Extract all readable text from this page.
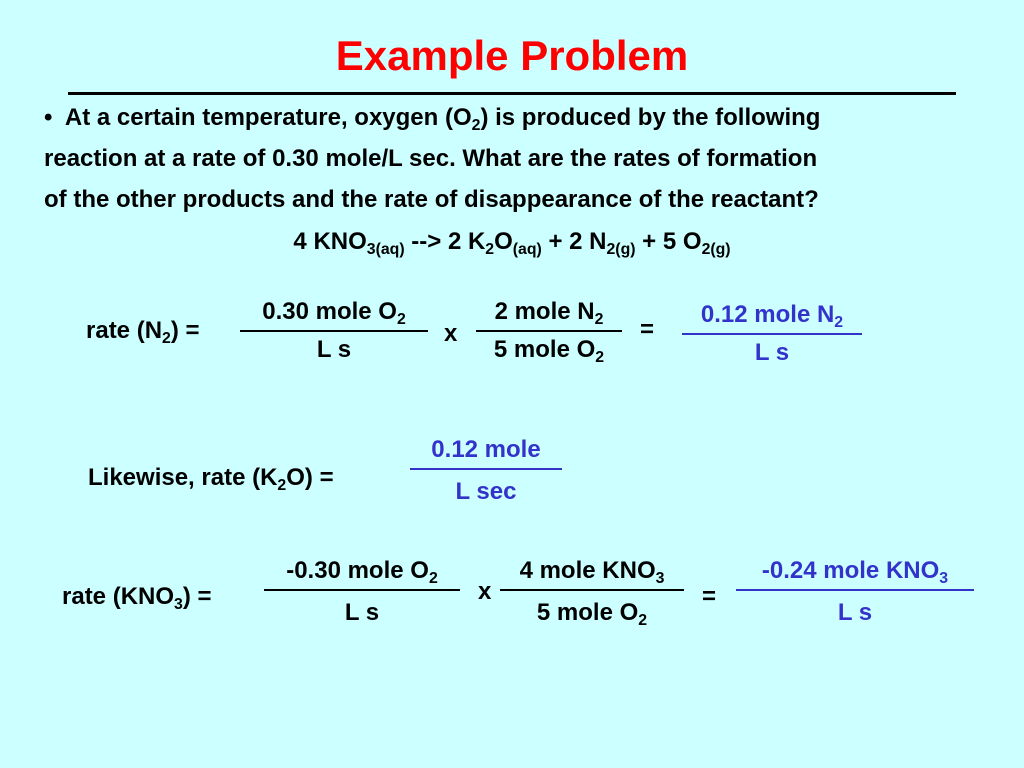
Example Problem
• At a certain temperature, oxygen $(O_2)$ is produced by the following
reaction at a rate of 0.30 mole/L sec. What are the rates of formation
of the other products and the rate of disappearance of the reactant?
4 $KNO_{3(aq)}$ --> 2 $K_2O_{(aq)} + 2$ $N_{2(g)} + 5$ $O_{2(g)}$
rate $(N_2)$ =
0.30 mole $O_2$
L s
x
2 mole $N_2$
5 mole $O_2$
=
0.12 mole $N_2$
L s
Likewise, rate $(K_2O)$ =
0.12 mole
L sec
rate $(KNO_3)$ =
-0.30 mole $O_2$
L s
x
4 mole $KNO_3$
5 mole $O_2$
=
-0.24 mole $KNO_3$
L s
